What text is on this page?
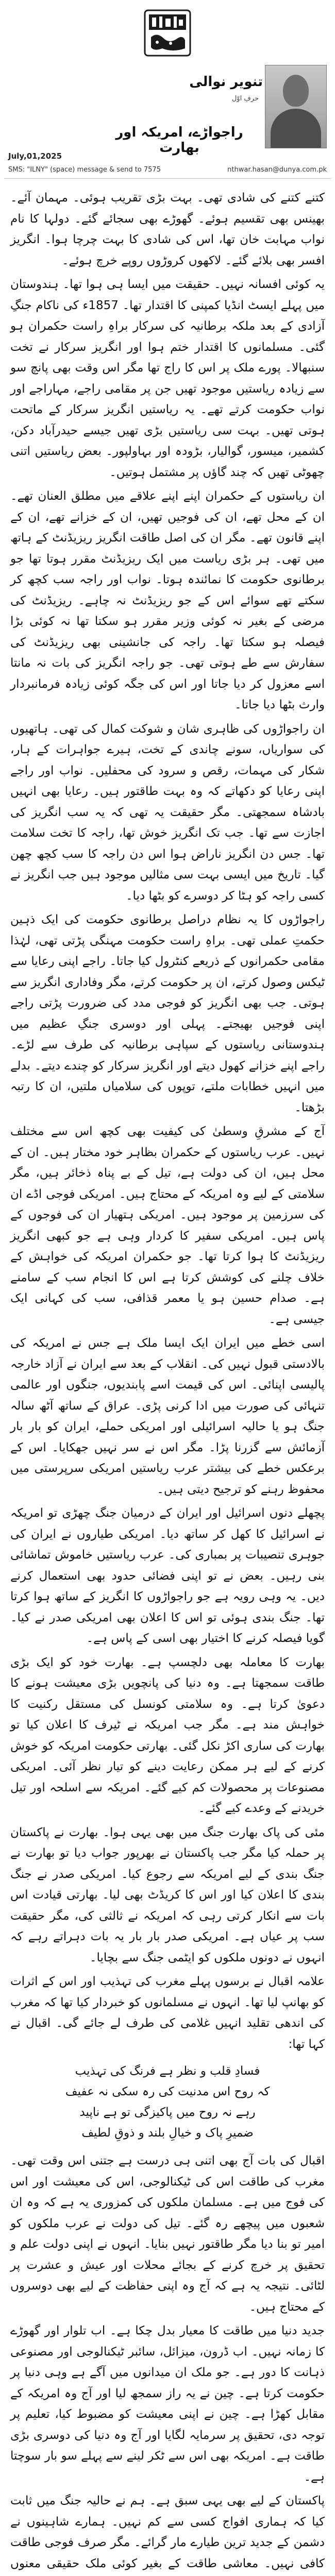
تنویر نوالی
حرفِ اوّل
راجواڑے، امریکہ اور بھارت
July,01,2025
SMS: "ILNY" (space) message & send to 7575	nthwar.hasan@dunya.com.pk

کتنے کتنے کی شادی تھی۔ بہت بڑی تقریب ہوئی۔ مہمان آئے۔ بھینس بھی تقسیم ہوئے۔ گھوڑے بھی سجائے گئے۔ دولہا کا نام نواب مہابت خان تھا، اس کی شادی کا بہت چرچا ہوا۔ انگریز افسر بھی بلائے گئے۔ لاکھوں کروڑوں روپے خرچ ہوئے۔

یہ کوئی افسانہ نہیں۔ حقیقت میں ایسا ہی ہوا تھا۔ ہندوستان میں پہلے ایسٹ انڈیا کمپنی کا اقتدار تھا۔ 1857ء کی ناکام جنگِ آزادی کے بعد ملکہ برطانیہ کی سرکار براہِ راست حکمران ہو گئی۔ مسلمانوں کا اقتدار ختم ہوا اور انگریز سرکار نے تخت سنبھالا۔ پورے ملک پر اس کا راج تھا مگر اس وقت بھی پانچ سو سے زیادہ ریاستیں موجود تھیں جن پر مقامی راجے، مہاراجے اور نواب حکومت کرتے تھے۔ یہ ریاستیں انگریز سرکار کے ماتحت ہوتی تھیں۔ بہت سی ریاستیں بڑی تھیں جیسے حیدرآباد دکن، کشمیر، میسور، گوالیار، بڑودہ اور بہاولپور۔ بعض ریاستیں اتنی چھوٹی تھیں کہ چند گاؤں پر مشتمل ہوتیں۔

ان ریاستوں کے حکمران اپنے اپنے علاقے میں مطلق العنان تھے۔ ان کے محل تھے، ان کی فوجیں تھیں، ان کے خزانے تھے، ان کے اپنے قانون تھے۔ مگر ان کی اصل طاقت انگریز ریزیڈنٹ کے ہاتھ میں تھی۔ ہر بڑی ریاست میں ایک ریزیڈنٹ مقرر ہوتا تھا جو برطانوی حکومت کا نمائندہ ہوتا۔ نواب اور راجہ سب کچھ کر سکتے تھے سوائے اس کے جو ریزیڈنٹ نہ چاہے۔ ریزیڈنٹ کی مرضی کے بغیر نہ کوئی وزیر مقرر ہو سکتا تھا نہ کوئی بڑا فیصلہ ہو سکتا تھا۔ راجہ کی جانشینی بھی ریزیڈنٹ کی سفارش سے طے ہوتی تھی۔ جو راجہ انگریز کی بات نہ مانتا اسے معزول کر دیا جاتا اور اس کی جگہ کوئی زیادہ فرمانبردار وارث بٹھا دیا جاتا۔

ان راجواڑوں کی ظاہری شان و شوکت کمال کی تھی۔ ہاتھیوں کی سواریاں، سونے چاندی کے تخت، ہیرے جواہرات کے ہار، شکار کی مہمات، رقص و سرود کی محفلیں۔ نواب اور راجے اپنی رعایا کو دکھاتے کہ وہ بہت طاقتور ہیں۔ رعایا بھی انہیں بادشاہ سمجھتی۔ مگر حقیقت یہ تھی کہ یہ سب انگریز کی اجازت سے تھا۔ جب تک انگریز خوش تھا، راجہ کا تخت سلامت تھا۔ جس دن انگریز ناراض ہوا اس دن راجہ کا سب کچھ چھن گیا۔ تاریخ میں ایسی بہت سی مثالیں موجود ہیں جب انگریز نے کسی راجہ کو ہٹا کر دوسرے کو بٹھا دیا۔

راجواڑوں کا یہ نظام دراصل برطانوی حکومت کی ایک ذہین حکمتِ عملی تھی۔ براہِ راست حکومت مہنگی پڑتی تھی، لہٰذا مقامی حکمرانوں کے ذریعے کنٹرول کیا جاتا۔ راجے اپنی رعایا سے ٹیکس وصول کرتے، ان پر حکومت کرتے، مگر وفاداری انگریز سے ہوتی۔ جب بھی انگریز کو فوجی مدد کی ضرورت پڑتی راجے اپنی فوجیں بھیجتے۔ پہلی اور دوسری جنگِ عظیم میں ہندوستانی ریاستوں کے سپاہی برطانیہ کی طرف سے لڑے۔ راجے اپنے خزانے کھول دیتے اور انگریز سرکار کو چندے دیتے۔ بدلے میں انہیں خطابات ملتے، توپوں کی سلامیاں ملتیں، ان کا رتبہ بڑھتا۔

آج کے مشرقِ وسطیٰ کی کیفیت بھی کچھ اس سے مختلف نہیں۔ عرب ریاستوں کے حکمران بظاہر خود مختار ہیں۔ ان کے محل ہیں، ان کی دولت ہے، تیل کے بے پناہ ذخائر ہیں، مگر سلامتی کے لیے وہ امریکہ کے محتاج ہیں۔ امریکی فوجی اڈے ان کی سرزمین پر موجود ہیں۔ امریکی ہتھیار ان کی فوجوں کے پاس ہیں۔ امریکی سفیر کا کردار وہی ہے جو کبھی انگریز ریزیڈنٹ کا ہوا کرتا تھا۔ جو حکمران امریکہ کی خواہش کے خلاف چلنے کی کوشش کرتا ہے اس کا انجام سب کے سامنے ہے۔ صدام حسین ہو یا معمر قذافی، سب کی کہانی ایک جیسی ہے۔

اسی خطے میں ایران ایک ایسا ملک ہے جس نے امریکہ کی بالادستی قبول نہیں کی۔ انقلاب کے بعد سے ایران نے آزاد خارجہ پالیسی اپنائی۔ اس کی قیمت اسے پابندیوں، جنگوں اور عالمی تنہائی کی صورت میں ادا کرنی پڑی۔ عراق کے ساتھ آٹھ سالہ جنگ ہو یا حالیہ اسرائیلی اور امریکی حملے، ایران کو بار بار آزمائش سے گزرنا پڑا۔ مگر اس نے سر نہیں جھکایا۔ اس کے برعکس خطے کی بیشتر عرب ریاستیں امریکی سرپرستی میں محفوظ رہنے کو ترجیح دیتی ہیں۔

پچھلے دنوں اسرائیل اور ایران کے درمیان جنگ چھڑی تو امریکہ نے اسرائیل کا کھل کر ساتھ دیا۔ امریکی طیاروں نے ایران کی جوہری تنصیبات پر بمباری کی۔ عرب ریاستیں خاموش تماشائی بنی رہیں۔ بعض نے تو اپنی فضائی حدود بھی استعمال کرنے دیں۔ یہ وہی رویہ ہے جو راجواڑوں کا انگریز کے ساتھ ہوا کرتا تھا۔ جنگ بندی ہوئی تو اس کا اعلان بھی امریکی صدر نے کیا۔ گویا فیصلہ کرنے کا اختیار بھی اسی کے پاس ہے۔

بھارت کا معاملہ بھی دلچسپ ہے۔ بھارت خود کو ایک بڑی طاقت سمجھتا ہے۔ وہ دنیا کی پانچویں بڑی معیشت ہونے کا دعویٰ کرتا ہے۔ وہ سلامتی کونسل کی مستقل رکنیت کا خواہش مند ہے۔ مگر جب امریکہ نے ٹیرف کا اعلان کیا تو بھارت کی ساری اکڑ نکل گئی۔ بھارتی حکومت امریکہ کو خوش کرنے کے لیے ہر ممکن رعایت دینے کو تیار نظر آئی۔ امریکی مصنوعات پر محصولات کم کیے گئے۔ امریکہ سے اسلحہ اور تیل خریدنے کے وعدے کیے گئے۔

مئی کی پاک بھارت جنگ میں بھی یہی ہوا۔ بھارت نے پاکستان پر حملہ کیا مگر جب پاکستان نے بھرپور جواب دیا تو بھارت نے جنگ بندی کے لیے امریکہ سے رجوع کیا۔ امریکی صدر نے جنگ بندی کا اعلان کیا اور اس کا کریڈٹ بھی لیا۔ بھارتی قیادت اس بات سے انکار کرتی رہی کہ امریکہ نے ثالثی کی، مگر حقیقت سب پر عیاں ہے۔ امریکی صدر بار بار یہ بات دہراتے رہے کہ انہوں نے دونوں ملکوں کو ایٹمی جنگ سے بچایا۔

علامہ اقبال نے برسوں پہلے مغرب کی تہذیب اور اس کے اثرات کو بھانپ لیا تھا۔ انہوں نے مسلمانوں کو خبردار کیا تھا کہ مغرب کی اندھی تقلید انہیں غلامی کی طرف لے جائے گی۔ اقبال نے کہا تھا:

فسادِ قلب و نظر ہے فرنگ کی تہذیب
کہ روح اس مدنیت کی رہ سکی نہ عفیف
رہے نہ روح میں پاکیزگی تو ہے ناپید
ضمیرِ پاک و خیالِ بلند و ذوقِ لطیف

اقبال کی بات آج بھی اتنی ہی درست ہے جتنی اس وقت تھی۔ مغرب کی طاقت اس کی ٹیکنالوجی، اس کی معیشت اور اس کی فوج میں ہے۔ مسلمان ملکوں کی کمزوری یہ ہے کہ وہ ان شعبوں میں پیچھے رہ گئے۔ تیل کی دولت نے عرب ملکوں کو امیر تو بنا دیا مگر طاقتور نہیں بنایا۔ انہوں نے اپنی دولت علم و تحقیق پر خرچ کرنے کے بجائے محلات اور عیش و عشرت پر لٹائی۔ نتیجہ یہ ہے کہ آج وہ اپنی حفاظت کے لیے بھی دوسروں کے محتاج ہیں۔

جدید دنیا میں طاقت کا معیار بدل چکا ہے۔ اب تلوار اور گھوڑے کا زمانہ نہیں۔ اب ڈرون، میزائل، سائبر ٹیکنالوجی اور مصنوعی ذہانت کا دور ہے۔ جو ملک ان میدانوں میں آگے ہے وہی دنیا پر حکومت کرتا ہے۔ چین نے یہ راز سمجھ لیا اور آج وہ امریکہ کے مقابل کھڑا ہے۔ چین نے اپنی معیشت کو مضبوط کیا، تعلیم پر توجہ دی، تحقیق پر سرمایہ لگایا اور آج وہ دنیا کی دوسری بڑی طاقت ہے۔ امریکہ بھی اس سے ٹکر لینے سے پہلے سو بار سوچتا ہے۔

پاکستان کے لیے بھی یہی سبق ہے۔ ہم نے حالیہ جنگ میں ثابت کیا کہ ہماری افواج کسی سے کم نہیں۔ ہمارے شاہینوں نے دشمن کے جدید ترین طیارے مار گرائے۔ مگر صرف فوجی طاقت کافی نہیں۔ معاشی طاقت کے بغیر کوئی ملک حقیقی معنوں
